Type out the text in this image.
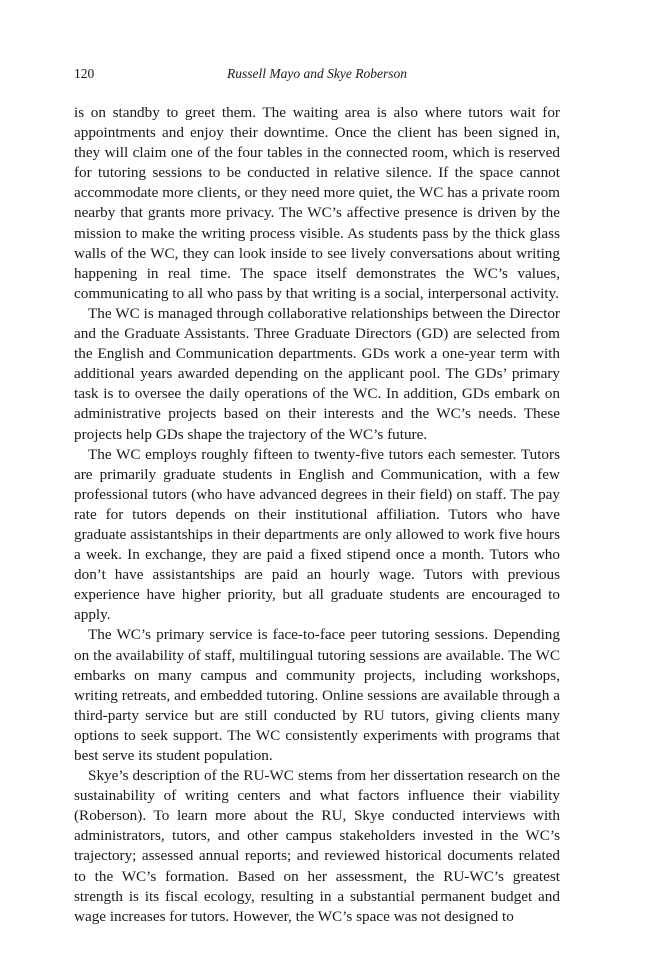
120	Russell Mayo and Skye Roberson

is on standby to greet them. The waiting area is also where tutors wait for appointments and enjoy their downtime. Once the client has been signed in, they will claim one of the four tables in the connected room, which is reserved for tutoring sessions to be conducted in relative silence. If the space cannot accommodate more clients, or they need more quiet, the WC has a private room nearby that grants more privacy. The WC’s affective presence is driven by the mission to make the writing process visible. As students pass by the thick glass walls of the WC, they can look inside to see lively conversations about writing happening in real time. The space itself demonstrates the WC’s values, communicating to all who pass by that writing is a social, interpersonal activity.

The WC is managed through collaborative relationships between the Director and the Graduate Assistants. Three Graduate Directors (GD) are selected from the English and Communication departments. GDs work a one-year term with additional years awarded depending on the applicant pool. The GDs’ primary task is to oversee the daily operations of the WC. In addition, GDs embark on administrative projects based on their interests and the WC’s needs. These projects help GDs shape the trajectory of the WC’s future.

The WC employs roughly fifteen to twenty-five tutors each semester. Tutors are primarily graduate students in English and Communication, with a few professional tutors (who have advanced degrees in their field) on staff. The pay rate for tutors depends on their institutional affiliation. Tutors who have graduate assistantships in their departments are only allowed to work five hours a week. In exchange, they are paid a fixed stipend once a month. Tutors who don’t have assistantships are paid an hourly wage. Tutors with previous experience have higher priority, but all graduate students are encouraged to apply.

The WC’s primary service is face-to-face peer tutoring sessions. Depending on the availability of staff, multilingual tutoring sessions are available. The WC embarks on many campus and community projects, including workshops, writing retreats, and embedded tutoring. Online sessions are available through a third-party service but are still conducted by RU tutors, giving clients many options to seek support. The WC consistently experiments with programs that best serve its student population.

Skye’s description of the RU-WC stems from her dissertation research on the sustainability of writing centers and what factors influence their viability (Roberson). To learn more about the RU, Skye conducted interviews with administrators, tutors, and other campus stakeholders invested in the WC’s trajectory; assessed annual reports; and reviewed historical documents related to the WC’s formation. Based on her assessment, the RU-WC’s greatest strength is its fiscal ecology, resulting in a substantial permanent budget and wage increases for tutors. However, the WC’s space was not designed to
